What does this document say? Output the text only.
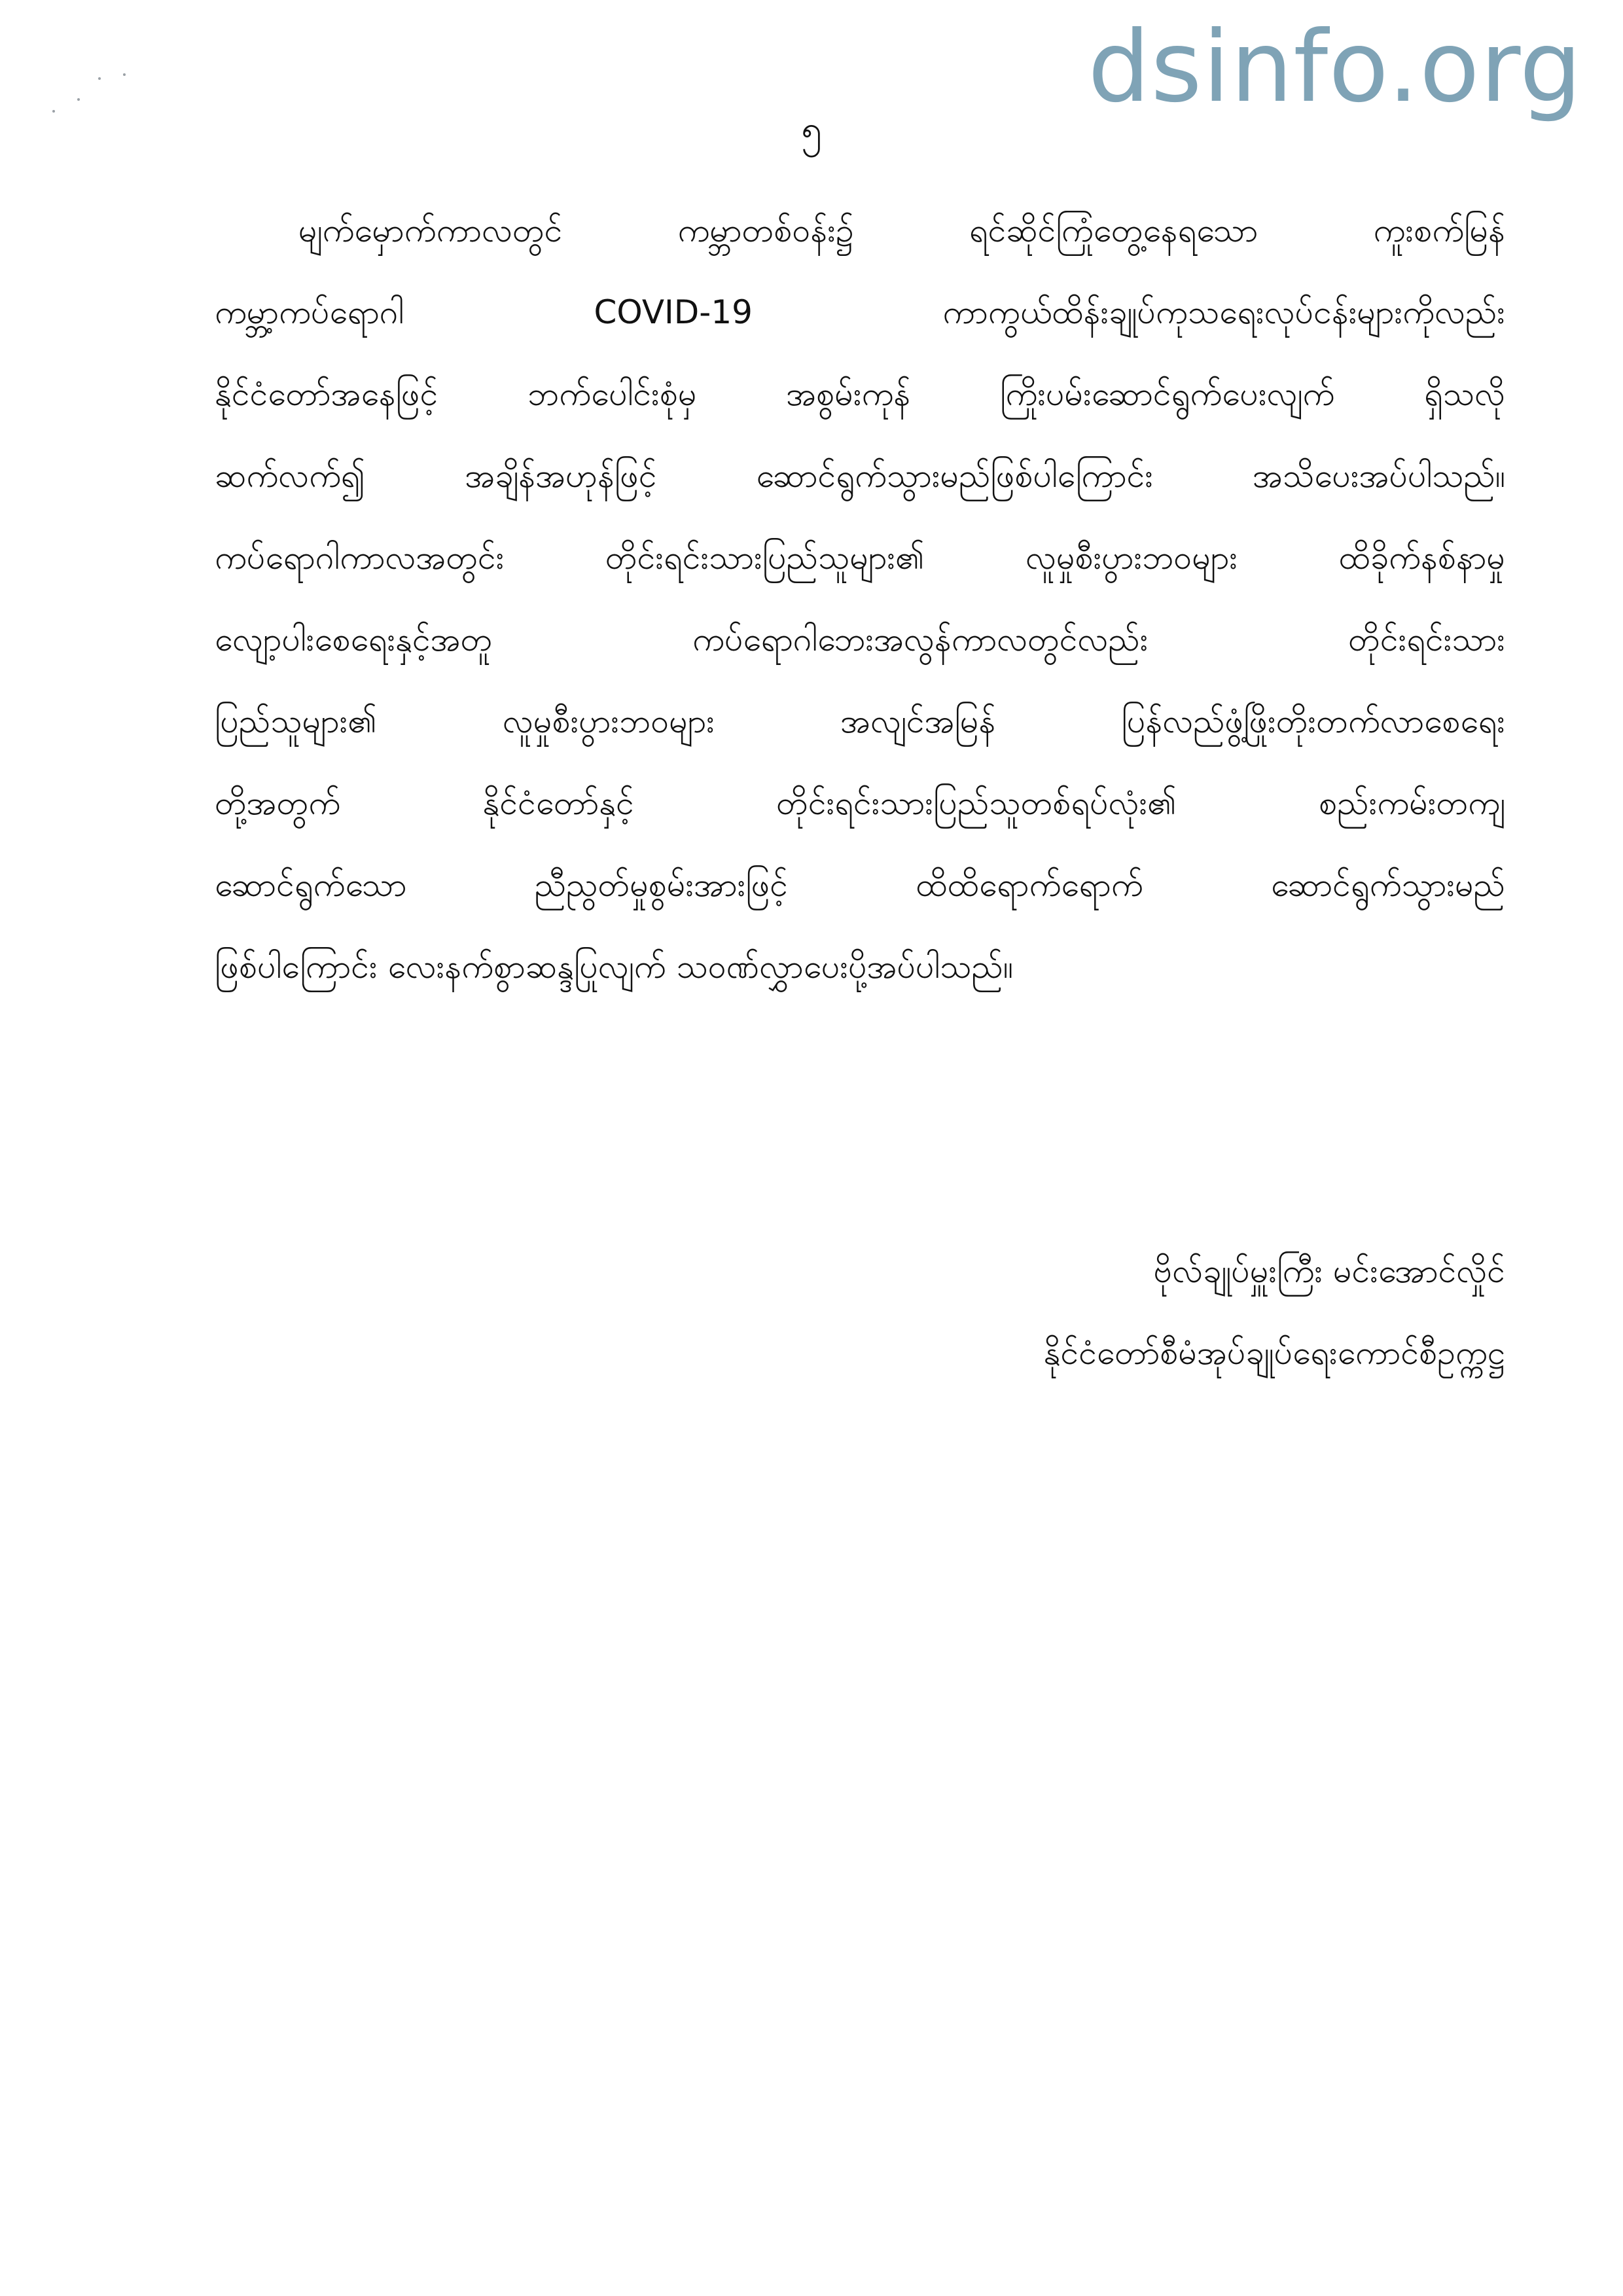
dsinfo.org
၅
မျက်မှောက်ကာလတွင် ကမ္ဘာတစ်ဝန်း၌ ရင်ဆိုင်ကြုံတွေ့နေရသော ကူးစက်မြန်
ကမ္ဘာ့ကပ်ရောဂါ COVID-19 ကာကွယ်ထိန်းချုပ်ကုသရေးလုပ်ငန်းများကိုလည်း
နိုင်ငံတော်အနေဖြင့် ဘက်ပေါင်းစုံမှ အစွမ်းကုန် ကြိုးပမ်းဆောင်ရွက်ပေးလျက် ရှိသလို
ဆက်လက်၍ အချိန်အဟုန်ဖြင့် ဆောင်ရွက်သွားမည်ဖြစ်ပါကြောင်း အသိပေးအပ်ပါသည်။
ကပ်ရောဂါကာလအတွင်း တိုင်းရင်းသားပြည်သူများ၏ လူမှုစီးပွားဘဝများ ထိခိုက်နစ်နာမှု
လျော့ပါးစေရေးနှင့်အတူ ကပ်ရောဂါဘေးအလွန်ကာလတွင်လည်း တိုင်းရင်းသား
ပြည်သူများ၏ လူမှုစီးပွားဘဝများ အလျင်အမြန် ပြန်လည်ဖွံ့ဖြိုးတိုးတက်လာစေရေး
တို့အတွက် နိုင်ငံတော်နှင့် တိုင်းရင်းသားပြည်သူတစ်ရပ်လုံး၏ စည်းကမ်းတကျ
ဆောင်ရွက်သော ညီညွတ်မှုစွမ်းအားဖြင့် ထိထိရောက်ရောက် ဆောင်ရွက်သွားမည်
ဖြစ်ပါကြောင်း လေးနက်စွာဆန္ဒပြုလျက် သဝဏ်လွှာပေးပို့အပ်ပါသည်။
ဗိုလ်ချုပ်မှူးကြီး မင်းအောင်လှိုင်
နိုင်ငံတော်စီမံအုပ်ချုပ်ရေးကောင်စီဥက္ကဋ္ဌ
